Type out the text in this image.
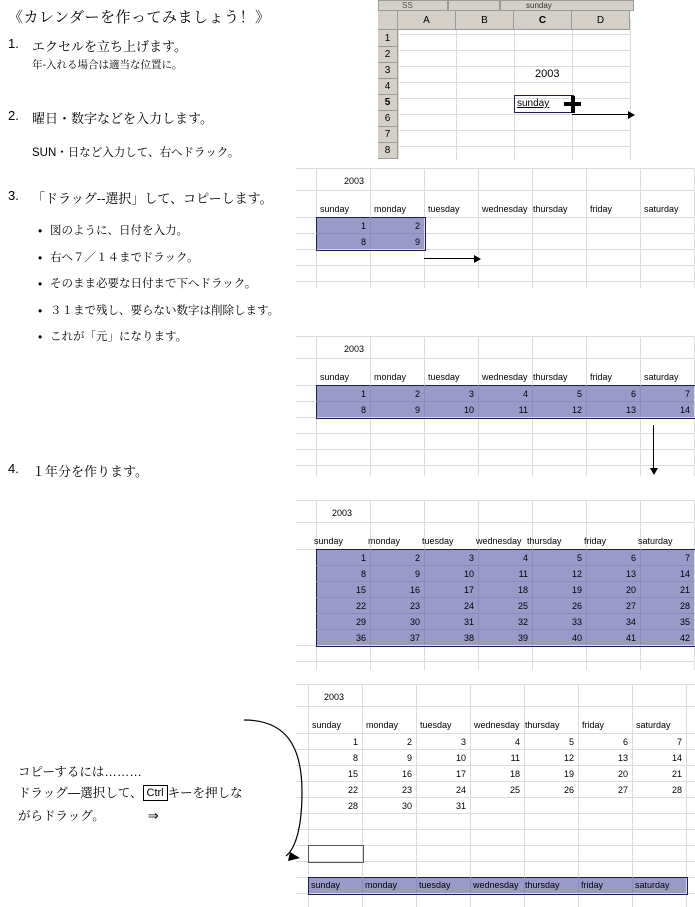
《カレンダーを作ってみましょう！》
1. エクセルを立ち上げます。
年-入れる場合は適当な位置に。
2. 曜日・数字などを入力します。
SUN・日など入力して、右へドラック。
3. 「ドラッグ--選択」して、コピーします。
• 図のように、日付を入力。
• 右へ７／１４までドラック。
• そのまま必要な日付まで下へドラック。
• ３１まで残し、要らない数字は削除します。
• これが「元」になります。
4. １年分を作ります。
コピーするには………
ドラッグ—選択して、 Ctrl キーを押しな
がらドラッグ。	⇒
SS	sunday
A	B	C	D
1
2
3
4
5
6
7
8
2003
sunday
2003
sunday	monday tuesday wednesday thursday friday	saturday
1	2
8	9
2003
sunday	monday tuesday wednesday thursday friday	saturday
1	2	3	4	5	6	7
8	9	10	11	12	13	14
2003
sunday	monday tuesday wednesday thursday friday	saturday
1	2	3	4	5	6	7
8	9	10	11	12	13	14
15	16	17	18	19	20	21
22	23	24	25	26	27	28
29	30	31	32	33	34	35
36	37	38	39	40	41	42
2003
sunday	monday tuesday wednesday thursday friday	saturday
1	2	3	4	5	6	7
8	9	10	11	12	13	14
15	16	17	18	19	20	21
22	23	24	25	26	27	28
28	30	31
sunday	monday tuesday wednesday thursday friday	saturday
